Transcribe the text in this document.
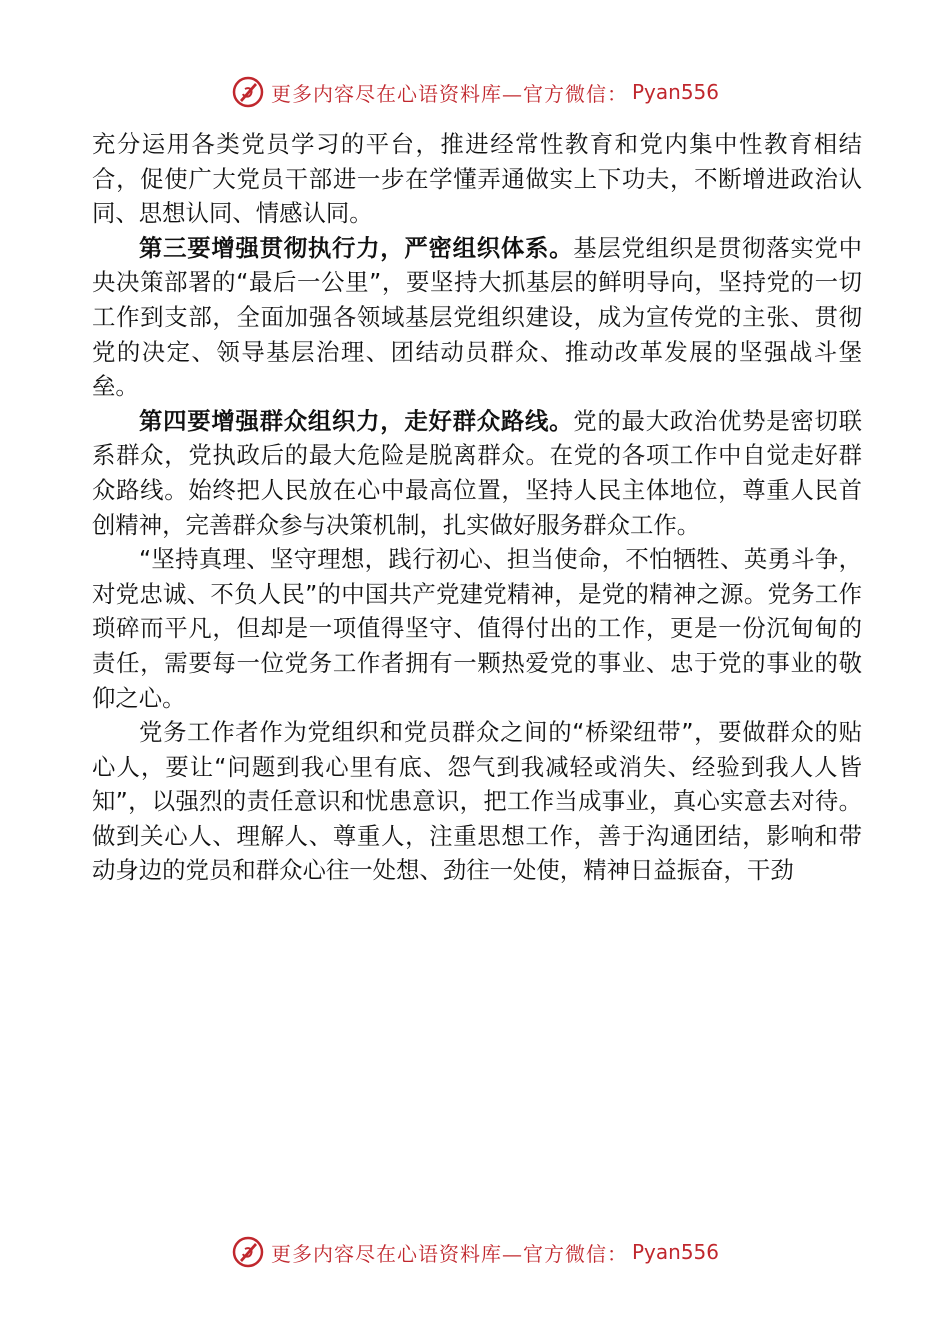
更多内容尽在心语资料库—官方微信： Pyan556

充分运用各类党员学习的平台，推进经常性教育和党内集中性教育相结合，促使广大党员干部进一步在学懂弄通做实上下功夫，不断增进政治认同、思想认同、情感认同。

第三要增强贯彻执行力，严密组织体系。基层党组织是贯彻落实党中央决策部署的“最后一公里”，要坚持大抓基层的鲜明导向，坚持党的一切工作到支部，全面加强各领域基层党组织建设，成为宣传党的主张、贯彻党的决定、领导基层治理、团结动员群众、推动改革发展的坚强战斗堡垒。

第四要增强群众组织力，走好群众路线。党的最大政治优势是密切联系群众，党执政后的最大危险是脱离群众。在党的各项工作中自觉走好群众路线。始终把人民放在心中最高位置，坚持人民主体地位，尊重人民首创精神，完善群众参与决策机制，扎实做好服务群众工作。

“坚持真理、坚守理想，践行初心、担当使命，不怕牺牲、英勇斗争，对党忠诚、不负人民”的中国共产党建党精神，是党的精神之源。党务工作琐碎而平凡，但却是一项值得坚守、值得付出的工作，更是一份沉甸甸的责任，需要每一位党务工作者拥有一颗热爱党的事业、忠于党的事业的敬仰之心。

党务工作者作为党组织和党员群众之间的“桥梁纽带”，要做群众的贴心人，要让“问题到我心里有底、怨气到我减轻或消失、经验到我人人皆知”，以强烈的责任意识和忧患意识，把工作当成事业，真心实意去对待。做到关心人、理解人、尊重人，注重思想工作，善于沟通团结，影响和带动身边的党员和群众心往一处想、劲往一处使，精神日益振奋，干劲

更多内容尽在心语资料库—官方微信： Pyan556
